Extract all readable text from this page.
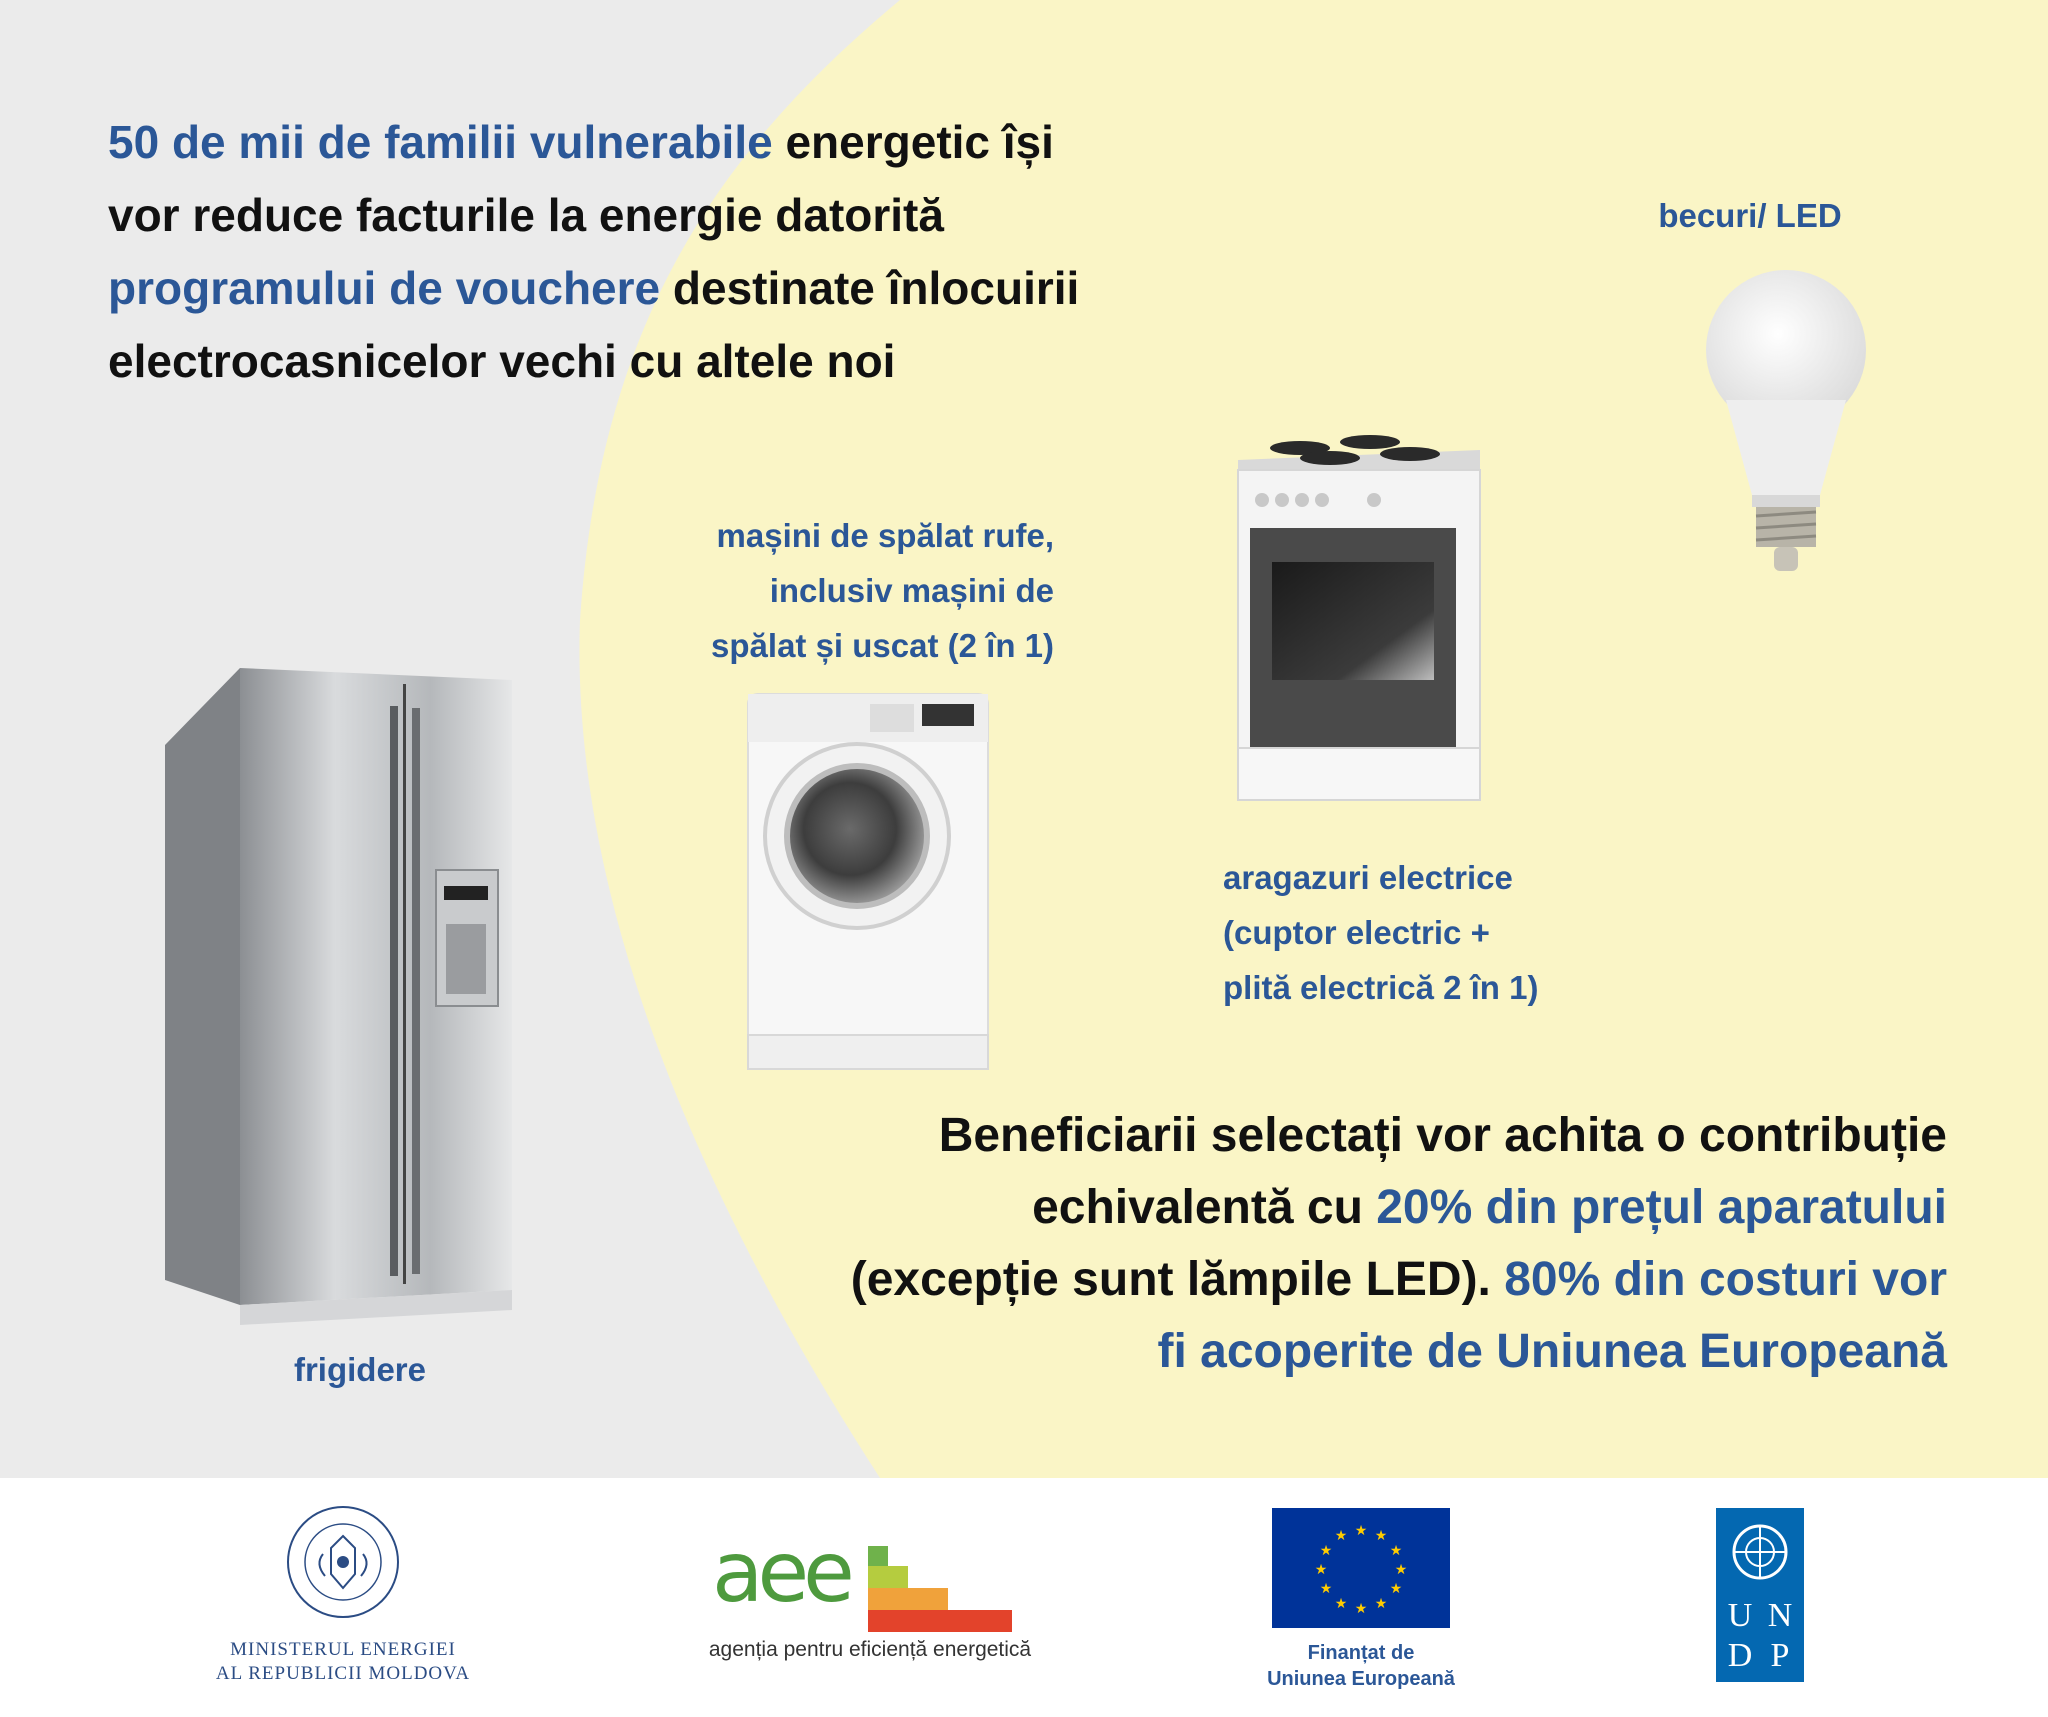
50 de mii de familii vulnerabile energetic își
vor reduce facturile la energie datorită
programului de vouchere destinate înlocuirii
electrocasnicelor vechi cu altele noi

becuri/ LED

mașini de spălat rufe,
inclusiv mașini de
spălat și uscat (2 în 1)
aragazuri electrice
(cuptor electric +
plită electrică 2 în 1)

frigidere

Beneficiarii selectați vor achita o contribuție
echivalentă cu 20% din prețul aparatului
(excepție sunt lămpile LED). 80% din costuri vor
fi acoperite de Uniunea Europeană
MINISTERUL ENERGIEI
AL REPUBLICII MOLDOVA
aee

agenția pentru eficiență energetică

★ ★
★
★
★
★
★
★
★
★
★
★
Finanțat de
Uniunea Europeană
U N
D P
